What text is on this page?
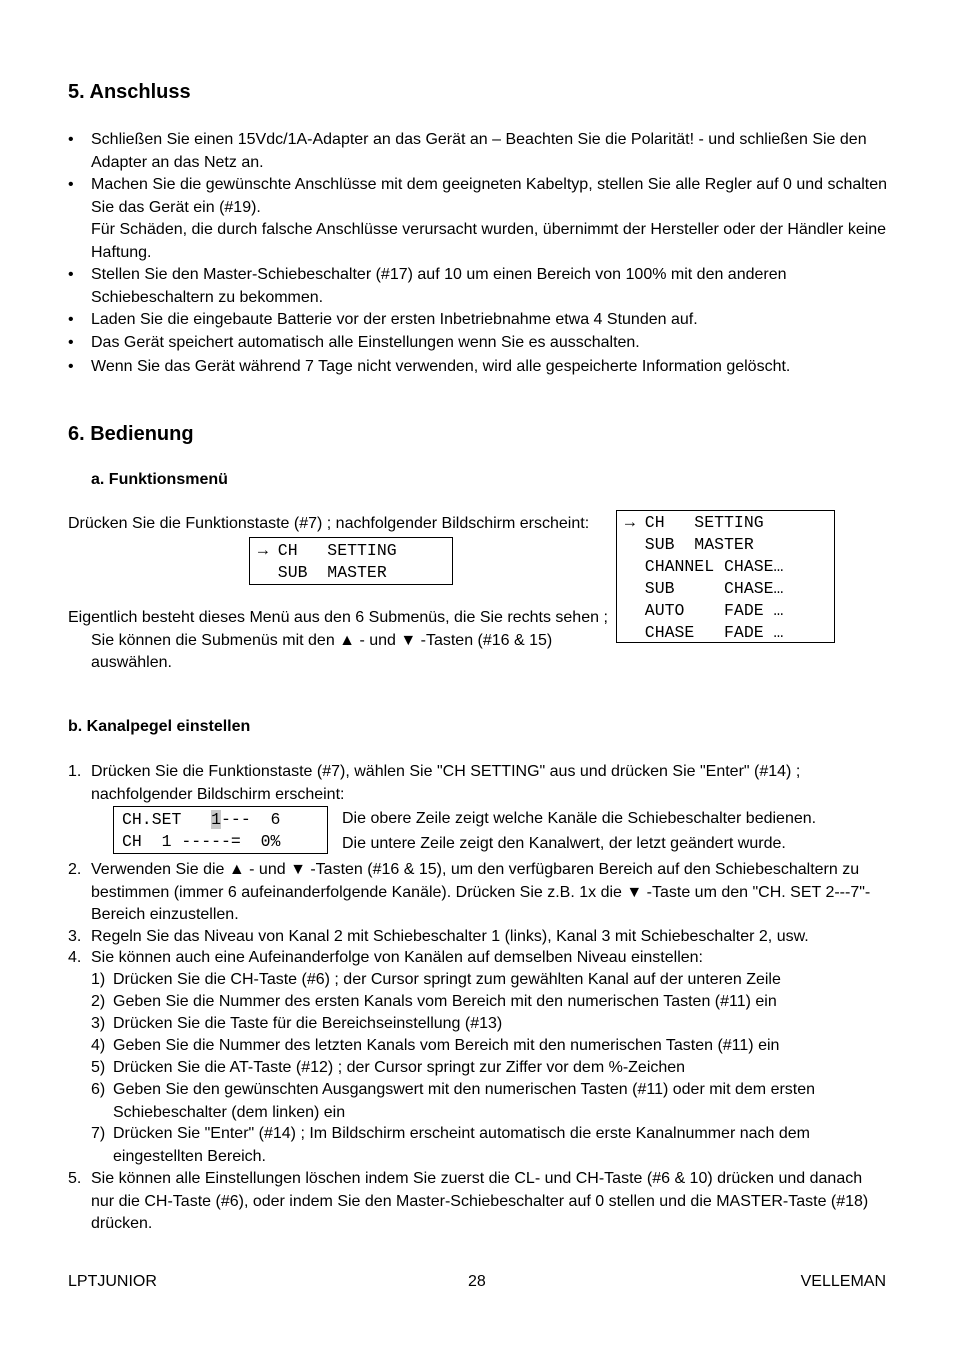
5. Anschluss
• Schließen Sie einen 15Vdc/1A-Adapter an das Gerät an – Beachten Sie die Polarität! - und schließen Sie den Adapter an das Netz an.
• Machen Sie die gewünschte Anschlüsse mit dem geeigneten Kabeltyp, stellen Sie alle Regler auf 0 und schalten Sie das Gerät ein (#19).
Für Schäden, die durch falsche Anschlüsse verursacht wurden, übernimmt der Hersteller oder der Händler keine Haftung.
• Stellen Sie den Master-Schiebeschalter (#17) auf 10 um einen Bereich von 100% mit den anderen Schiebeschaltern zu bekommen.
• Laden Sie die eingebaute Batterie vor der ersten Inbetriebnahme etwa 4 Stunden auf.
• Das Gerät speichert automatisch alle Einstellungen wenn Sie es ausschalten.
• Wenn Sie das Gerät während 7 Tage nicht verwenden, wird alle gespeicherte Information gelöscht.
6. Bedienung
a. Funktionsmenü
Drücken Sie die Funktionstaste (#7) ; nachfolgender Bildschirm erscheint:
→ CH   SETTING
SUB  MASTER
→ CH   SETTING
SUB  MASTER
CHANNEL CHASE…
SUB     CHASE…
AUTO    FADE …
CHASE   FADE …
Eigentlich besteht dieses Menü aus den 6 Submenüs, die Sie rechts sehen ;
Sie können die Submenüs mit den ▲ - und ▼ -Tasten (#16 & 15)
auswählen.
b. Kanalpegel einstellen
1. Drücken Sie die Funktionstaste (#7), wählen Sie "CH SETTING" aus und drücken Sie "Enter" (#14) ;
nachfolgender Bildschirm erscheint:
CH.SET   1---  6
CH  1 -----=  0%
Die obere Zeile zeigt welche Kanäle die Schiebeschalter bedienen.
Die untere Zeile zeigt den Kanalwert, der letzt geändert wurde.
2. Verwenden Sie die ▲ - und ▼ -Tasten (#16 & 15), um den verfügbaren Bereich auf den Schiebeschaltern zu bestimmen (immer 6 aufeinanderfolgende Kanäle). Drücken Sie z.B. 1x die ▼ -Taste um den "CH. SET 2---7"-Bereich einzustellen.
3. Regeln Sie das Niveau von Kanal 2 mit Schiebeschalter 1 (links), Kanal 3 mit Schiebeschalter 2, usw.
4. Sie können auch eine Aufeinanderfolge von Kanälen auf demselben Niveau einstellen:
1) Drücken Sie die CH-Taste (#6) ; der Cursor springt zum gewählten Kanal auf der unteren Zeile
2) Geben Sie die Nummer des ersten Kanals vom Bereich mit den numerischen Tasten (#11) ein
3) Drücken Sie die Taste für die Bereichseinstellung (#13)
4) Geben Sie die Nummer des letzten Kanals vom Bereich mit den numerischen Tasten (#11) ein
5) Drücken Sie die AT-Taste (#12) ; der Cursor springt zur Ziffer vor dem %-Zeichen
6) Geben Sie den gewünschten Ausgangswert mit den numerischen Tasten (#11) oder mit dem ersten Schiebeschalter (dem linken) ein
7) Drücken Sie "Enter" (#14) ; Im Bildschirm erscheint automatisch die erste Kanalnummer nach dem eingestellten Bereich.
5. Sie können alle Einstellungen löschen indem Sie zuerst die CL- und CH-Taste (#6 & 10) drücken und danach nur die CH-Taste (#6), oder indem Sie den Master-Schiebeschalter auf 0 stellen und die MASTER-Taste (#18) drücken.
LPTJUNIOR	28	VELLEMAN
